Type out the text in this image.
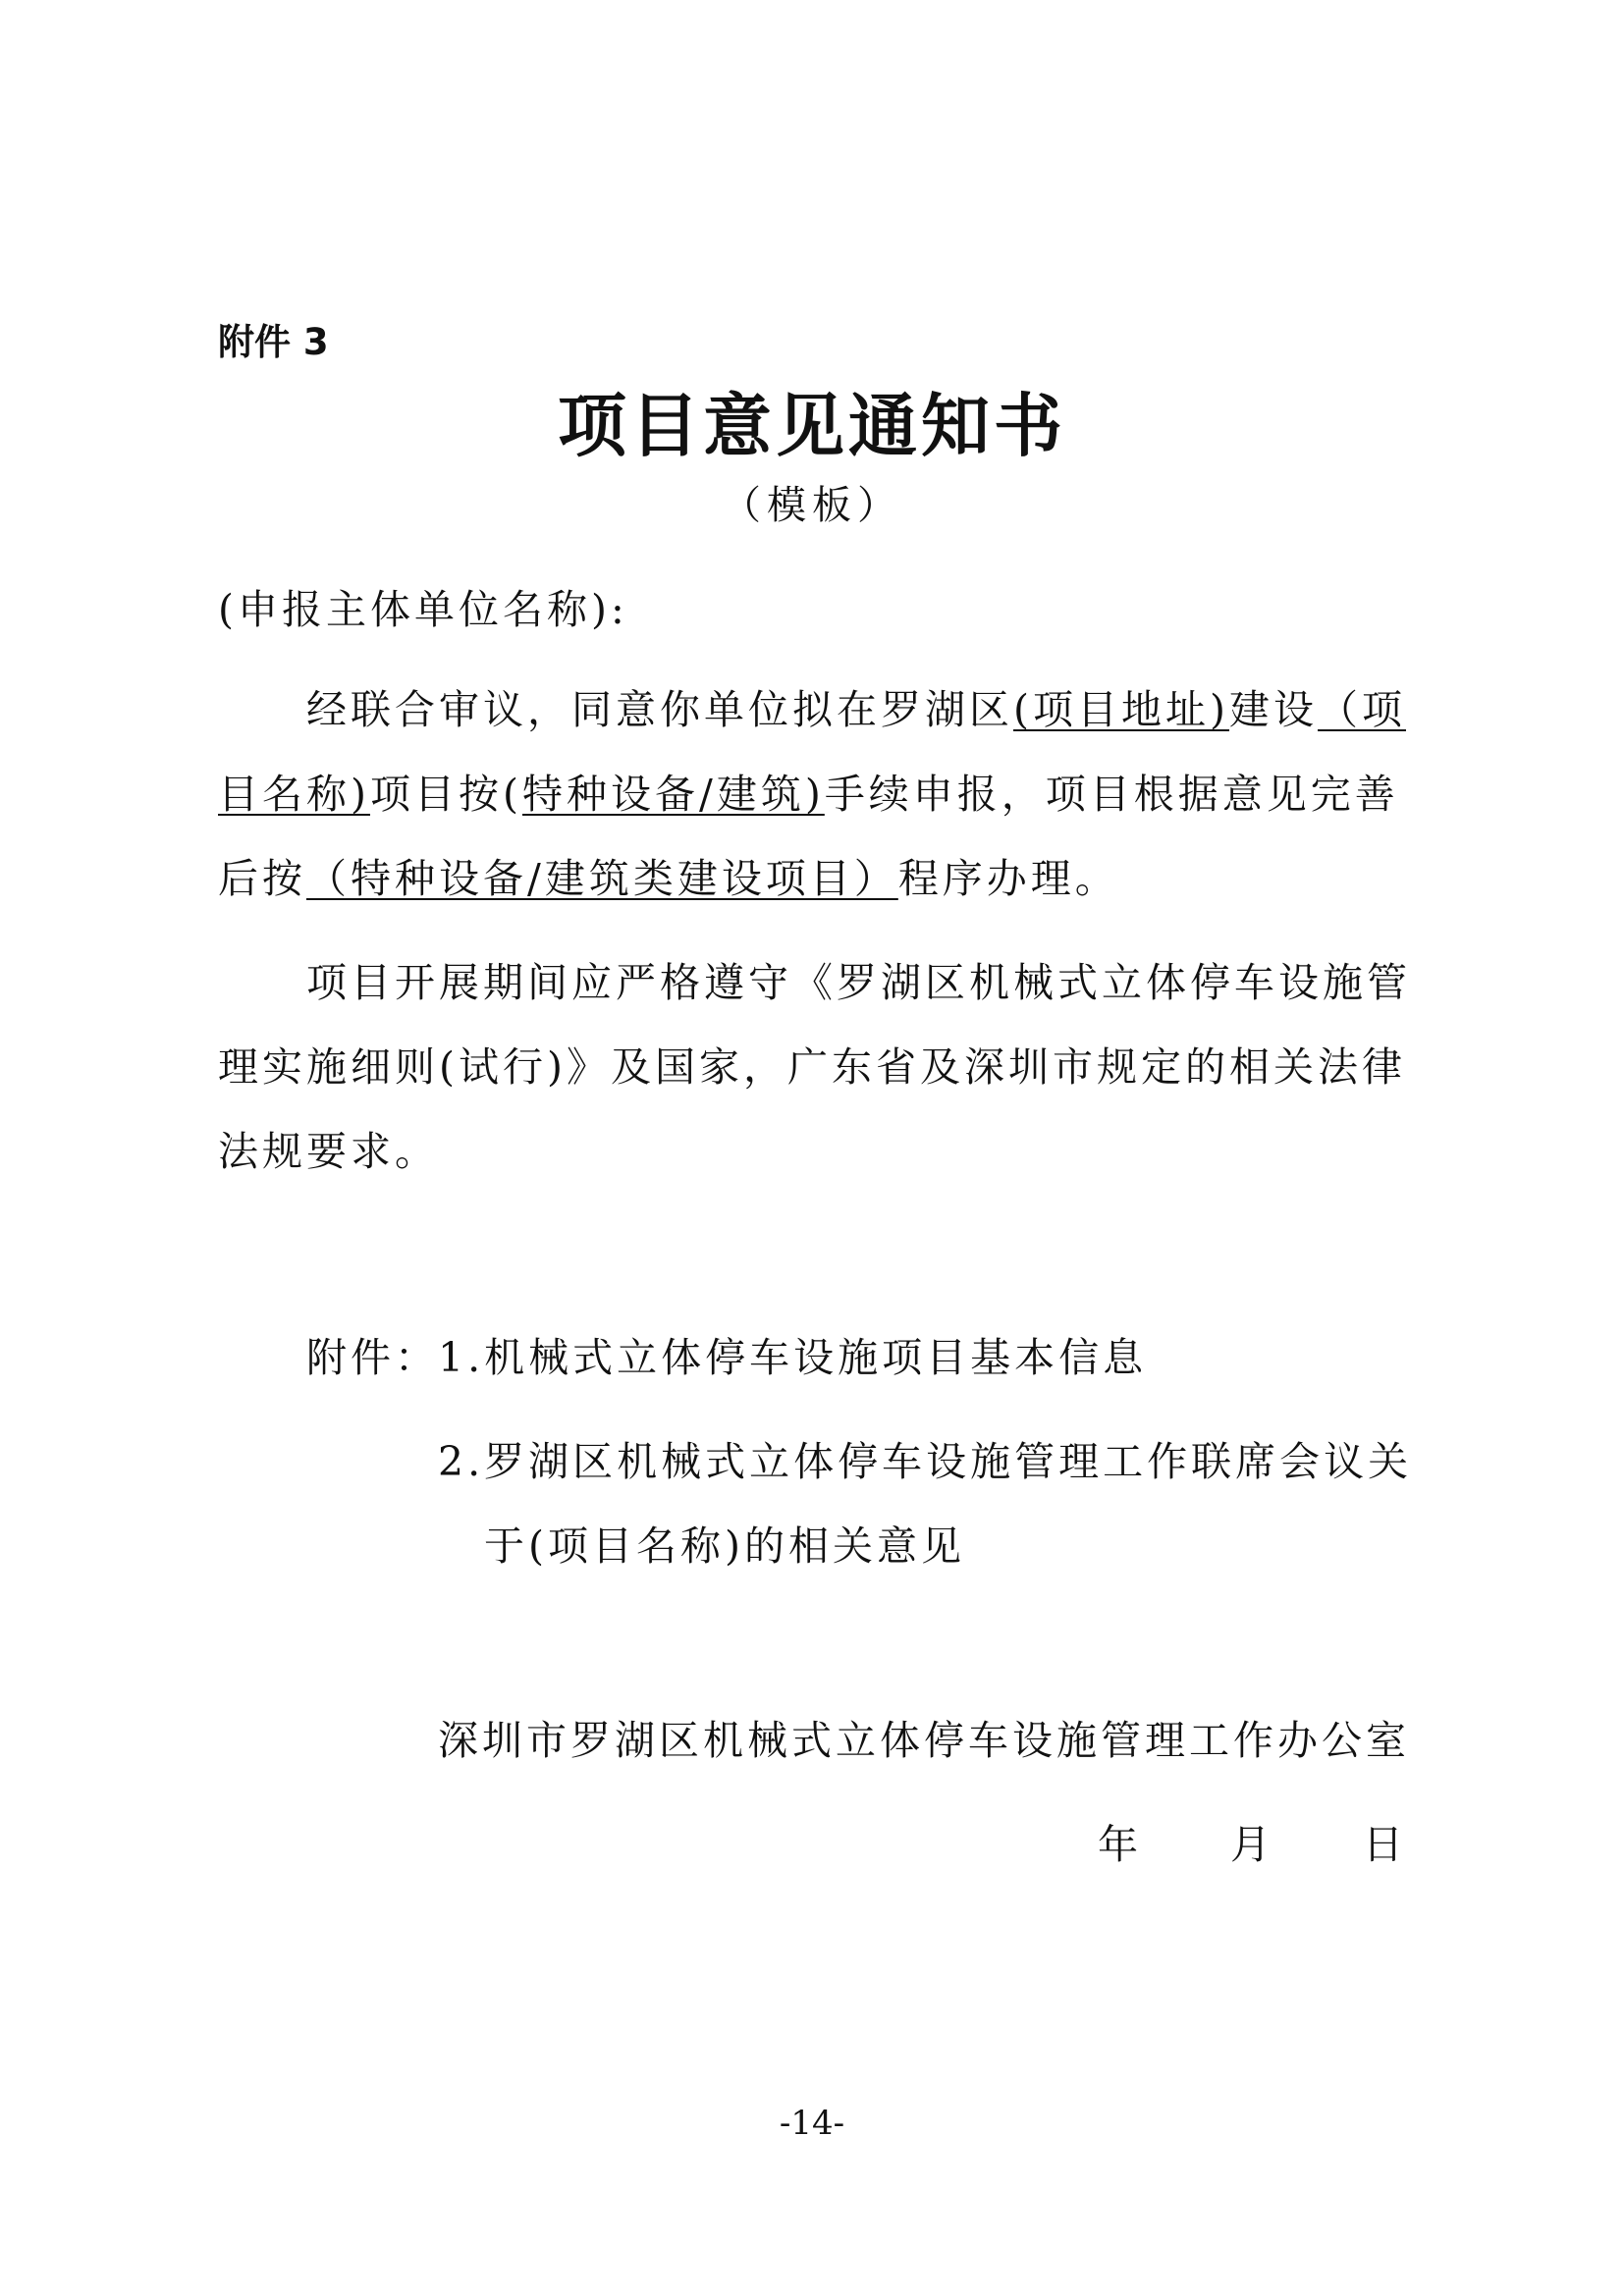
附件 3
项目意见通知书
（模板）
(申报主体单位名称):
经联合审议，同意你单位拟在罗湖区(项目地址)建设（项
目名称)项目按(特种设备/建筑)手续申报，项目根据意见完善
后按（特种设备/建筑类建设项目）程序办理。
项目开展期间应严格遵守《罗湖区机械式立体停车设施管
理实施细则(试行)》及国家，广东省及深圳市规定的相关法律
法规要求。
附件： 1.机械式立体停车设施项目基本信息
2.罗湖区机械式立体停车设施管理工作联席会议关
于(项目名称)的相关意见
深圳市罗湖区机械式立体停车设施管理工作办公室
年　　月　　日
-14-
